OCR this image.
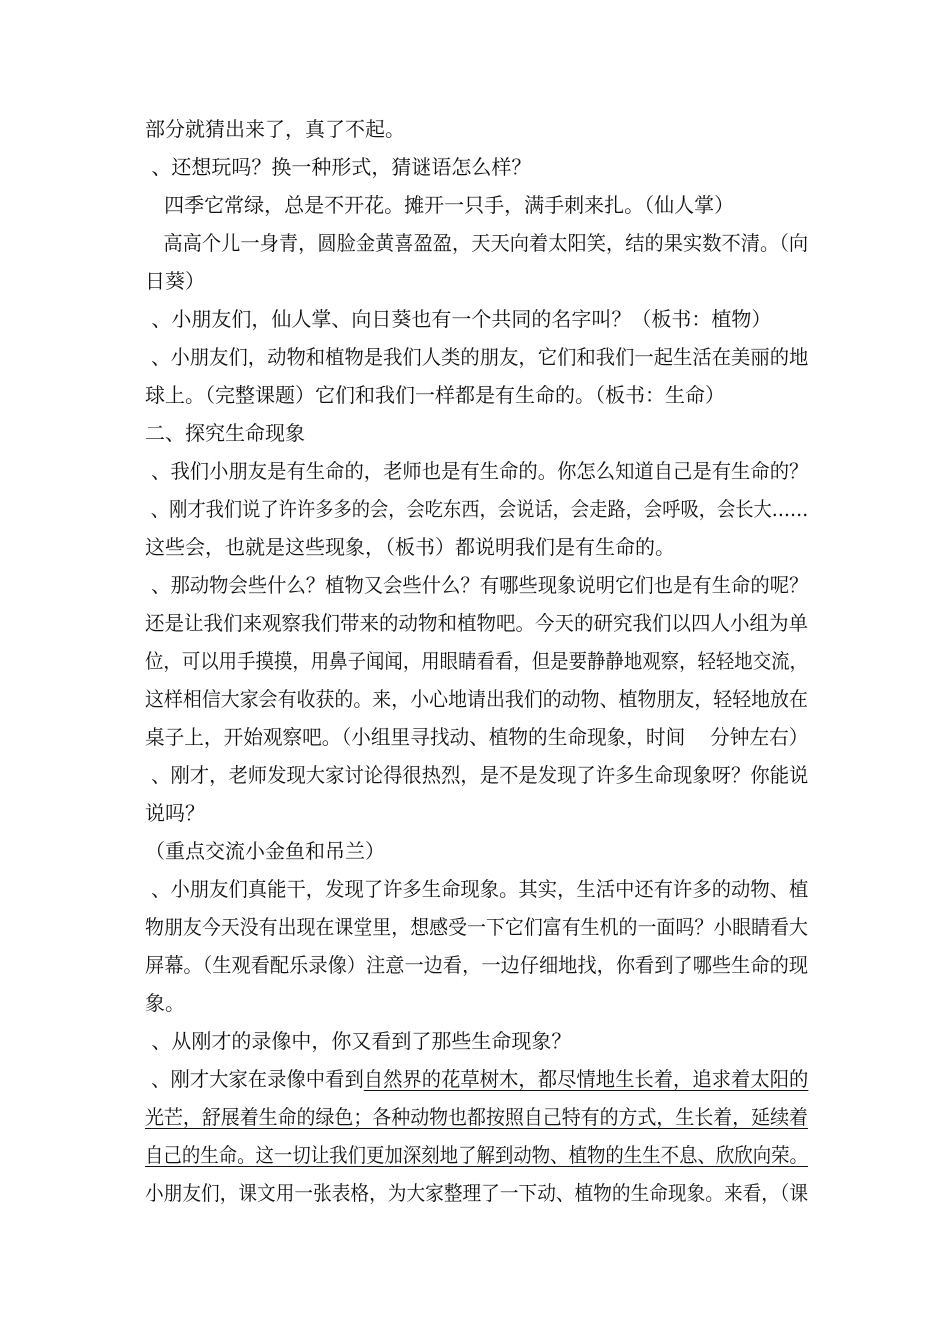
部分就猜出来了，真了不起。
、还想玩吗？换一种形式，猜谜语怎么样？
四季它常绿，总是不开花。摊开一只手，满手刺来扎。（仙人掌）
高高个儿一身青，圆脸金黄喜盈盈，天天向着太阳笑，结的果实数不清。（向
日葵）
、小朋友们，仙人掌、向日葵也有一个共同的名字叫？（板书：植物）
、小朋友们，动物和植物是我们人类的朋友，它们和我们一起生活在美丽的地
球上。（完整课题）它们和我们一样都是有生命的。（板书：生命）
二、探究生命现象
、我们小朋友是有生命的，老师也是有生命的。你怎么知道自己是有生命的？
、刚才我们说了许许多多的会，会吃东西，会说话，会走路，会呼吸，会长大……
这些会，也就是这些现象，（板书）都说明我们是有生命的。
、那动物会些什么？植物又会些什么？有哪些现象说明它们也是有生命的呢？
还是让我们来观察我们带来的动物和植物吧。今天的研究我们以四人小组为单
位，可以用手摸摸，用鼻子闻闻，用眼睛看看，但是要静静地观察，轻轻地交流，
这样相信大家会有收获的。来，小心地请出我们的动物、植物朋友，轻轻地放在
桌子上，开始观察吧。（小组里寻找动、植物的生命现象，时间    分钟左右）
、刚才，老师发现大家讨论得很热烈，是不是发现了许多生命现象呀？你能说
说吗？
（重点交流小金鱼和吊兰）
、小朋友们真能干，发现了许多生命现象。其实，生活中还有许多的动物、植
物朋友今天没有出现在课堂里，想感受一下它们富有生机的一面吗？小眼睛看大
屏幕。（生观看配乐录像）注意一边看，一边仔细地找，你看到了哪些生命的现
象。
、从刚才的录像中，你又看到了那些生命现象？
、刚才大家在录像中看到自然界的花草树木，都尽情地生长着，追求着太阳的
光芒，舒展着生命的绿色；各种动物也都按照自己特有的方式，生长着，延续着
自己的生命。这一切让我们更加深刻地了解到动物、植物的生生不息、欣欣向荣。
小朋友们，课文用一张表格，为大家整理了一下动、植物的生命现象。来看，（课
